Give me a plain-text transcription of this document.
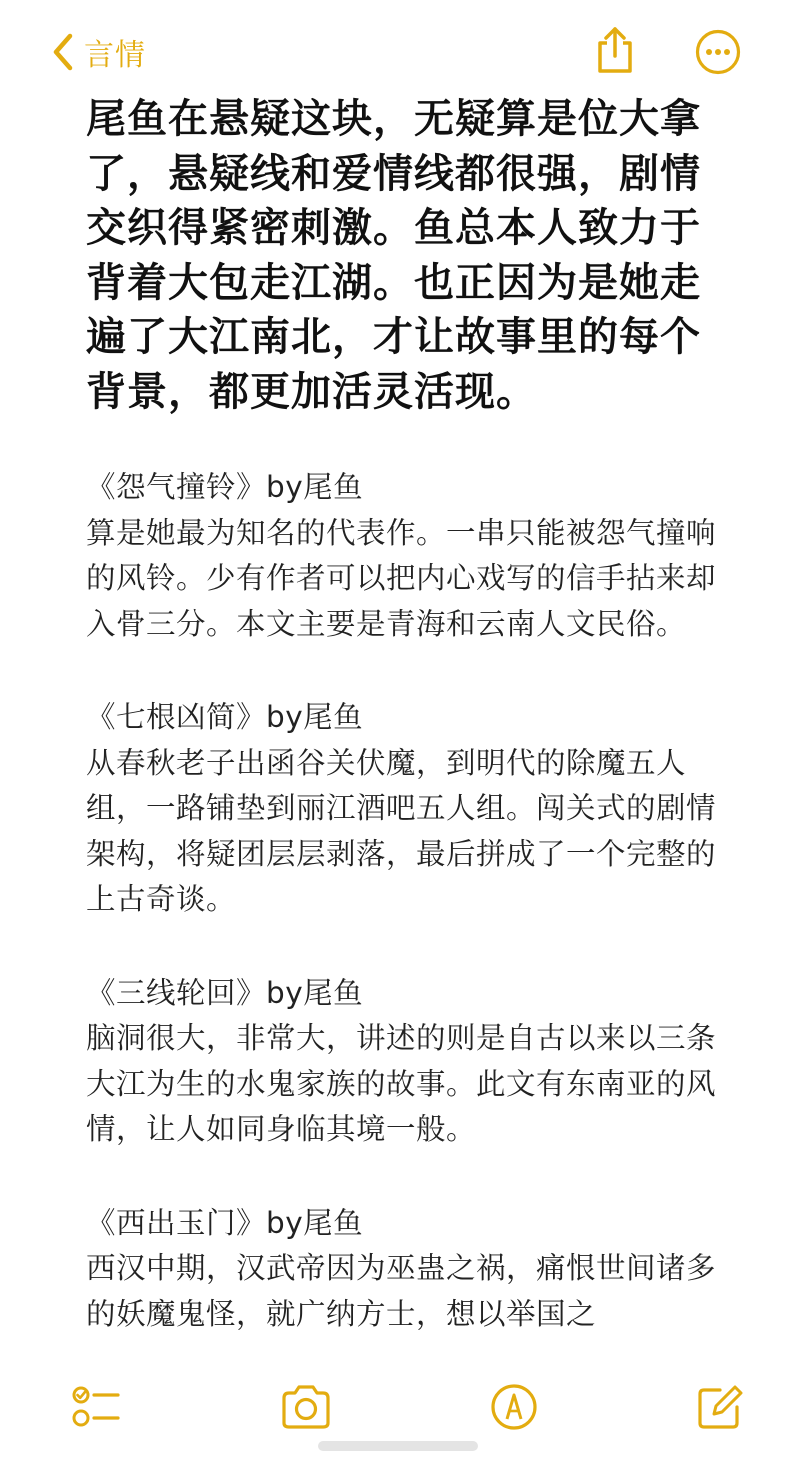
言情
尾鱼在悬疑这块，无疑算是位大拿了，悬疑线和爱情线都很强，剧情交织得紧密刺激。鱼总本人致力于背着大包走江湖。也正因为是她走遍了大江南北，才让故事里的每个背景，都更加活灵活现。

《怨气撞铃》by尾鱼

算是她最为知名的代表作。一串只能被怨气撞响的风铃。少有作者可以把内心戏写的信手拈来却入骨三分。本文主要是青海和云南人文民俗。

《七根凶简》by尾鱼

从春秋老子出函谷关伏魔，到明代的除魔五人组，一路铺垫到丽江酒吧五人组。闯关式的剧情架构，将疑团层层剥落，最后拼成了一个完整的上古奇谈。

《三线轮回》by尾鱼

脑洞很大，非常大，讲述的则是自古以来以三条大江为生的水鬼家族的故事。此文有东南亚的风情，让人如同身临其境一般。

《西出玉门》by尾鱼

西汉中期，汉武帝因为巫蛊之祸，痛恨世间诸多的妖魔鬼怪，就广纳方士，想以举国之
